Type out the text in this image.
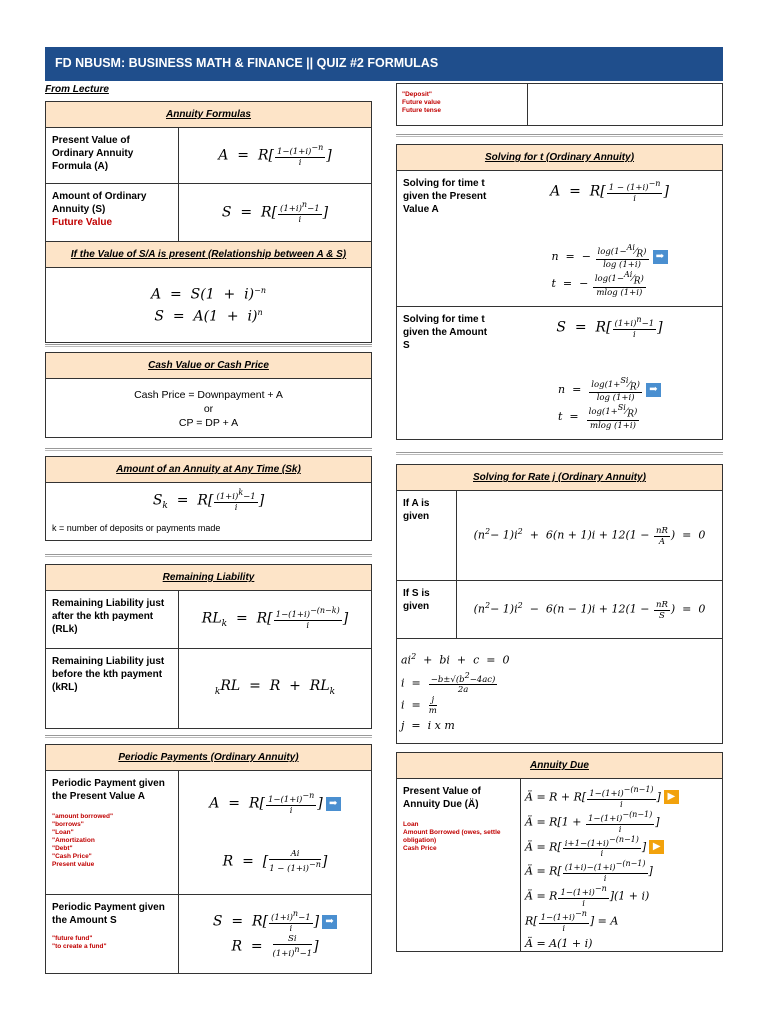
FD NBUSM: BUSINESS MATH & FINANCE || QUIZ #2 FORMULAS
From Lecture
Annuity Formulas
Present Value of Ordinary Annuity Formula (A)
$A = R[ \frac{1-(1+i)^{-n}}{i}$ ]
Amount of Ordinary Annuity (S)
Future Value
$S = R[ \frac{(1+i)^n-1}{i}$ ]
If the Value of S/A is present (Relationship between A & S)
$A = S(1 + i)^{-n}$
$S = A(1 + i)^n$
Cash Value or Cash Price
Cash Price = Downpayment + A
or
CP = DP + A
Amount of an Annuity at Any Time (Sk)
$S_k = R[ \frac{(1+i)^k-1}{i}$ ]
k = number of deposits or payments made
Remaining Liability
Remaining Liability just after the kth payment (RLk)
$RL_k = R[ \frac{1-(1+i)^{-(n-k)}}{i}$ ]
Remaining Liability just before the kth payment (kRL)	$_kRL = R + RL_k$
Periodic Payments (Ordinary Annuity)
Periodic Payment given the Present Value A
"amount borrowed"
"borrows"
"Loan"
"Amortization
"Debt"
"Cash Price"
Present value
$A = R[ \frac{1-(1+i)^{-n}}{i}$ ] ➡
R  =  [ $\frac{Ai}{1 - (1+i)^{-n}}$ ]
Periodic Payment given the Amount S
"future fund"
"to create a fund"
$S = R[ \frac{(1+i)^n-1}{i}$ ] ➡
$R = \frac{Si}{(1+i)^n-1}$ ]
"Deposit"
Future value
Future tense
Solving for t (Ordinary Annuity)
Solving for time t given the Present Value A
$A = R[ \frac{1 - (1+i)^{-n}}{i}$ ]
n  =  − $\frac{\log(1-^{Ai}⁄_R)}{\log (1+i)}$ ➡
t  =  − $\frac{\log(1-^{Ai}⁄_R)}{mlog (1+i)}$
Solving for time t given the Amount S
$S = R[ \frac{(1+i)^n-1}{i}$ ]
$n = \frac{\log(1+^{Si}⁄_R)}{\log (1+i)}$ ➡
$t = \frac{\log(1+^{Si}⁄_R)}{mlog (1+i)}$
Solving for Rate j (Ordinary Annuity)
If A is given
$(n^2- 1)i^2 + 6(n + 1)i + 12(1 - \frac{nR}{A}$ )  =  0
If S is given	$(n^2- 1)i^2 - 6(n - 1)i + 12(1 - \frac{nR}{S}$ )  =  0
$ai^2$  +  bi  +  c  =  0
$i = \frac{-b\pm√(b^2-4ac)}{2a}$
$i = \frac{j}{m}$
j  =  i x m
Annuity Due
Present Value of Annuity Due (Ä)
Loan
Amount Borrowed (owes, settle obligation)
Cash Price
Ä = $R + R[ \frac{1-(1+i)^{-(n-1)}}{i}$ ] ▶
Ä = $R[1 + \frac{1-(1+i)^{-(n-1)}}{i}$ ]
Ä = $R[ \frac{i+1-(1+i)^{-(n-1)}}{i}$ ] ▶
Ä = $R[ \frac{(1+i)-(1+i)^{-(n-1)}}{i}$ ]
Ä = R $\frac{1-(1+i)^{-n}}{i} ](1 + i)$
$R[ \frac{1-(1+i)^{-n}}{i}$ ] = A
Ä = A(1 + i)
